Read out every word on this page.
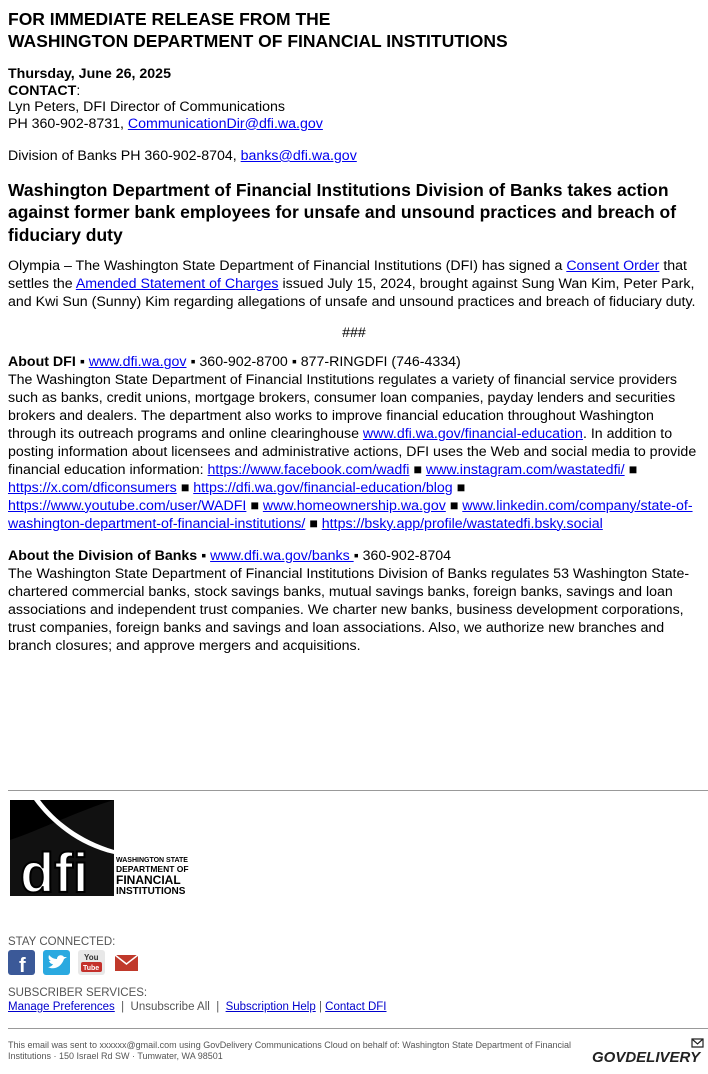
FOR IMMEDIATE RELEASE FROM THE
WASHINGTON DEPARTMENT OF FINANCIAL INSTITUTIONS

Thursday, June 26, 2025
CONTACT:
Lyn Peters, DFI Director of Communications
PH 360-902-8731, CommunicationDir@dfi.wa.gov
Division of Banks PH 360-902-8704, banks@dfi.wa.gov
Washington Department of Financial Institutions Division of Banks takes action against former bank employees for unsafe and unsound practices and breach of fiduciary duty
Olympia – The Washington State Department of Financial Institutions (DFI) has signed a Consent Order that settles the Amended Statement of Charges issued July 15, 2024, brought against Sung Wan Kim, Peter Park, and Kwi Sun (Sunny) Kim regarding allegations of unsafe and unsound practices and breach of fiduciary duty.
###
About DFI ▪ www.dfi.wa.gov ▪ 360-902-8700 ▪ 877-RINGDFI (746-4334)
The Washington State Department of Financial Institutions regulates a variety of financial service providers such as banks, credit unions, mortgage brokers, consumer loan companies, payday lenders and securities brokers and dealers. The department also works to improve financial education throughout Washington through its outreach programs and online clearinghouse www.dfi.wa.gov/financial-education. In addition to posting information about licensees and administrative actions, DFI uses the Web and social media to provide financial education information: https://www.facebook.com/wadfi ■ www.instagram.com/wastatedfi/ ■ https://x.com/dficonsumers ■ https://dfi.wa.gov/financial-education/blog ■ https://www.youtube.com/user/WADFI ■ www.homeownership.wa.gov ■ www.linkedin.com/company/state-of-washington-department-of-financial-institutions/ ■ https://bsky.app/profile/wastatedfi.bsky.social
About the Division of Banks ▪ www.dfi.wa.gov/banks ▪ 360-902-8704
The Washington State Department of Financial Institutions Division of Banks regulates 53 Washington State-chartered commercial banks, stock savings banks, mutual savings banks, foreign banks, savings and loan associations and independent trust companies. We charter new banks, business development corporations, trust companies, foreign banks and savings and loan associations. Also, we authorize new branches and branch closures; and approve mergers and acquisitions.
dfi	WASHINGTON STATE
DEPARTMENT OF
FINANCIAL
INSTITUTIONS
STAY CONNECTED:
f	You
Tube
SUBSCRIBER SERVICES:
Manage Preferences | Unsubscribe All | Subscription Help | Contact DFI
This email was sent to xxxxxx@gmail.com using GovDelivery Communications Cloud on behalf of: Washington State Department of Financial Institutions · 150 Israel Rd SW · Tumwater, WA 98501	GOVDELIVERY
